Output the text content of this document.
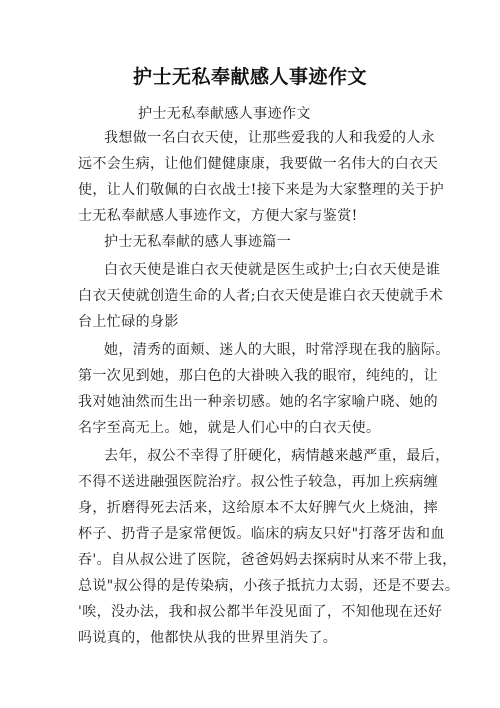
护士无私奉献感人事迹作文
护士无私奉献感人事迹作文
我想做一名白衣天使，让那些爱我的人和我爱的人永
远不会生病，让他们健健康康，我要做一名伟大的白衣天
使，让人们敬佩的白衣战士!接下来是为大家整理的关于护
士无私奉献感人事迹作文，方便大家与鉴赏!
护士无私奉献的感人事迹篇一
白衣天使是谁白衣天使就是医生或护士;白衣天使是谁
白衣天使就创造生命的人者;白衣天使是谁白衣天使就手术
台上忙碌的身影
她，清秀的面颊、迷人的大眼，时常浮现在我的脑际。
第一次见到她，那白色的大褂映入我的眼帘，纯纯的，让
我对她油然而生出一种亲切感。她的名字家喻户晓、她的
名字至高无上。她，就是人们心中的白衣天使。
去年，叔公不幸得了肝硬化，病情越来越严重，最后，
不得不送进融强医院治疗。叔公性子较急，再加上疾病缠
身，折磨得死去活来，这给原本不太好脾气火上烧油，摔
杯子、扔背子是家常便饭。临床的病友只好"打落牙齿和血
吞'。自从叔公进了医院，爸爸妈妈去探病时从来不带上我，
总说"叔公得的是传染病，小孩子抵抗力太弱，还是不要去。
'唉，没办法，我和叔公都半年没见面了，不知他现在还好
吗说真的，他都快从我的世界里消失了。
